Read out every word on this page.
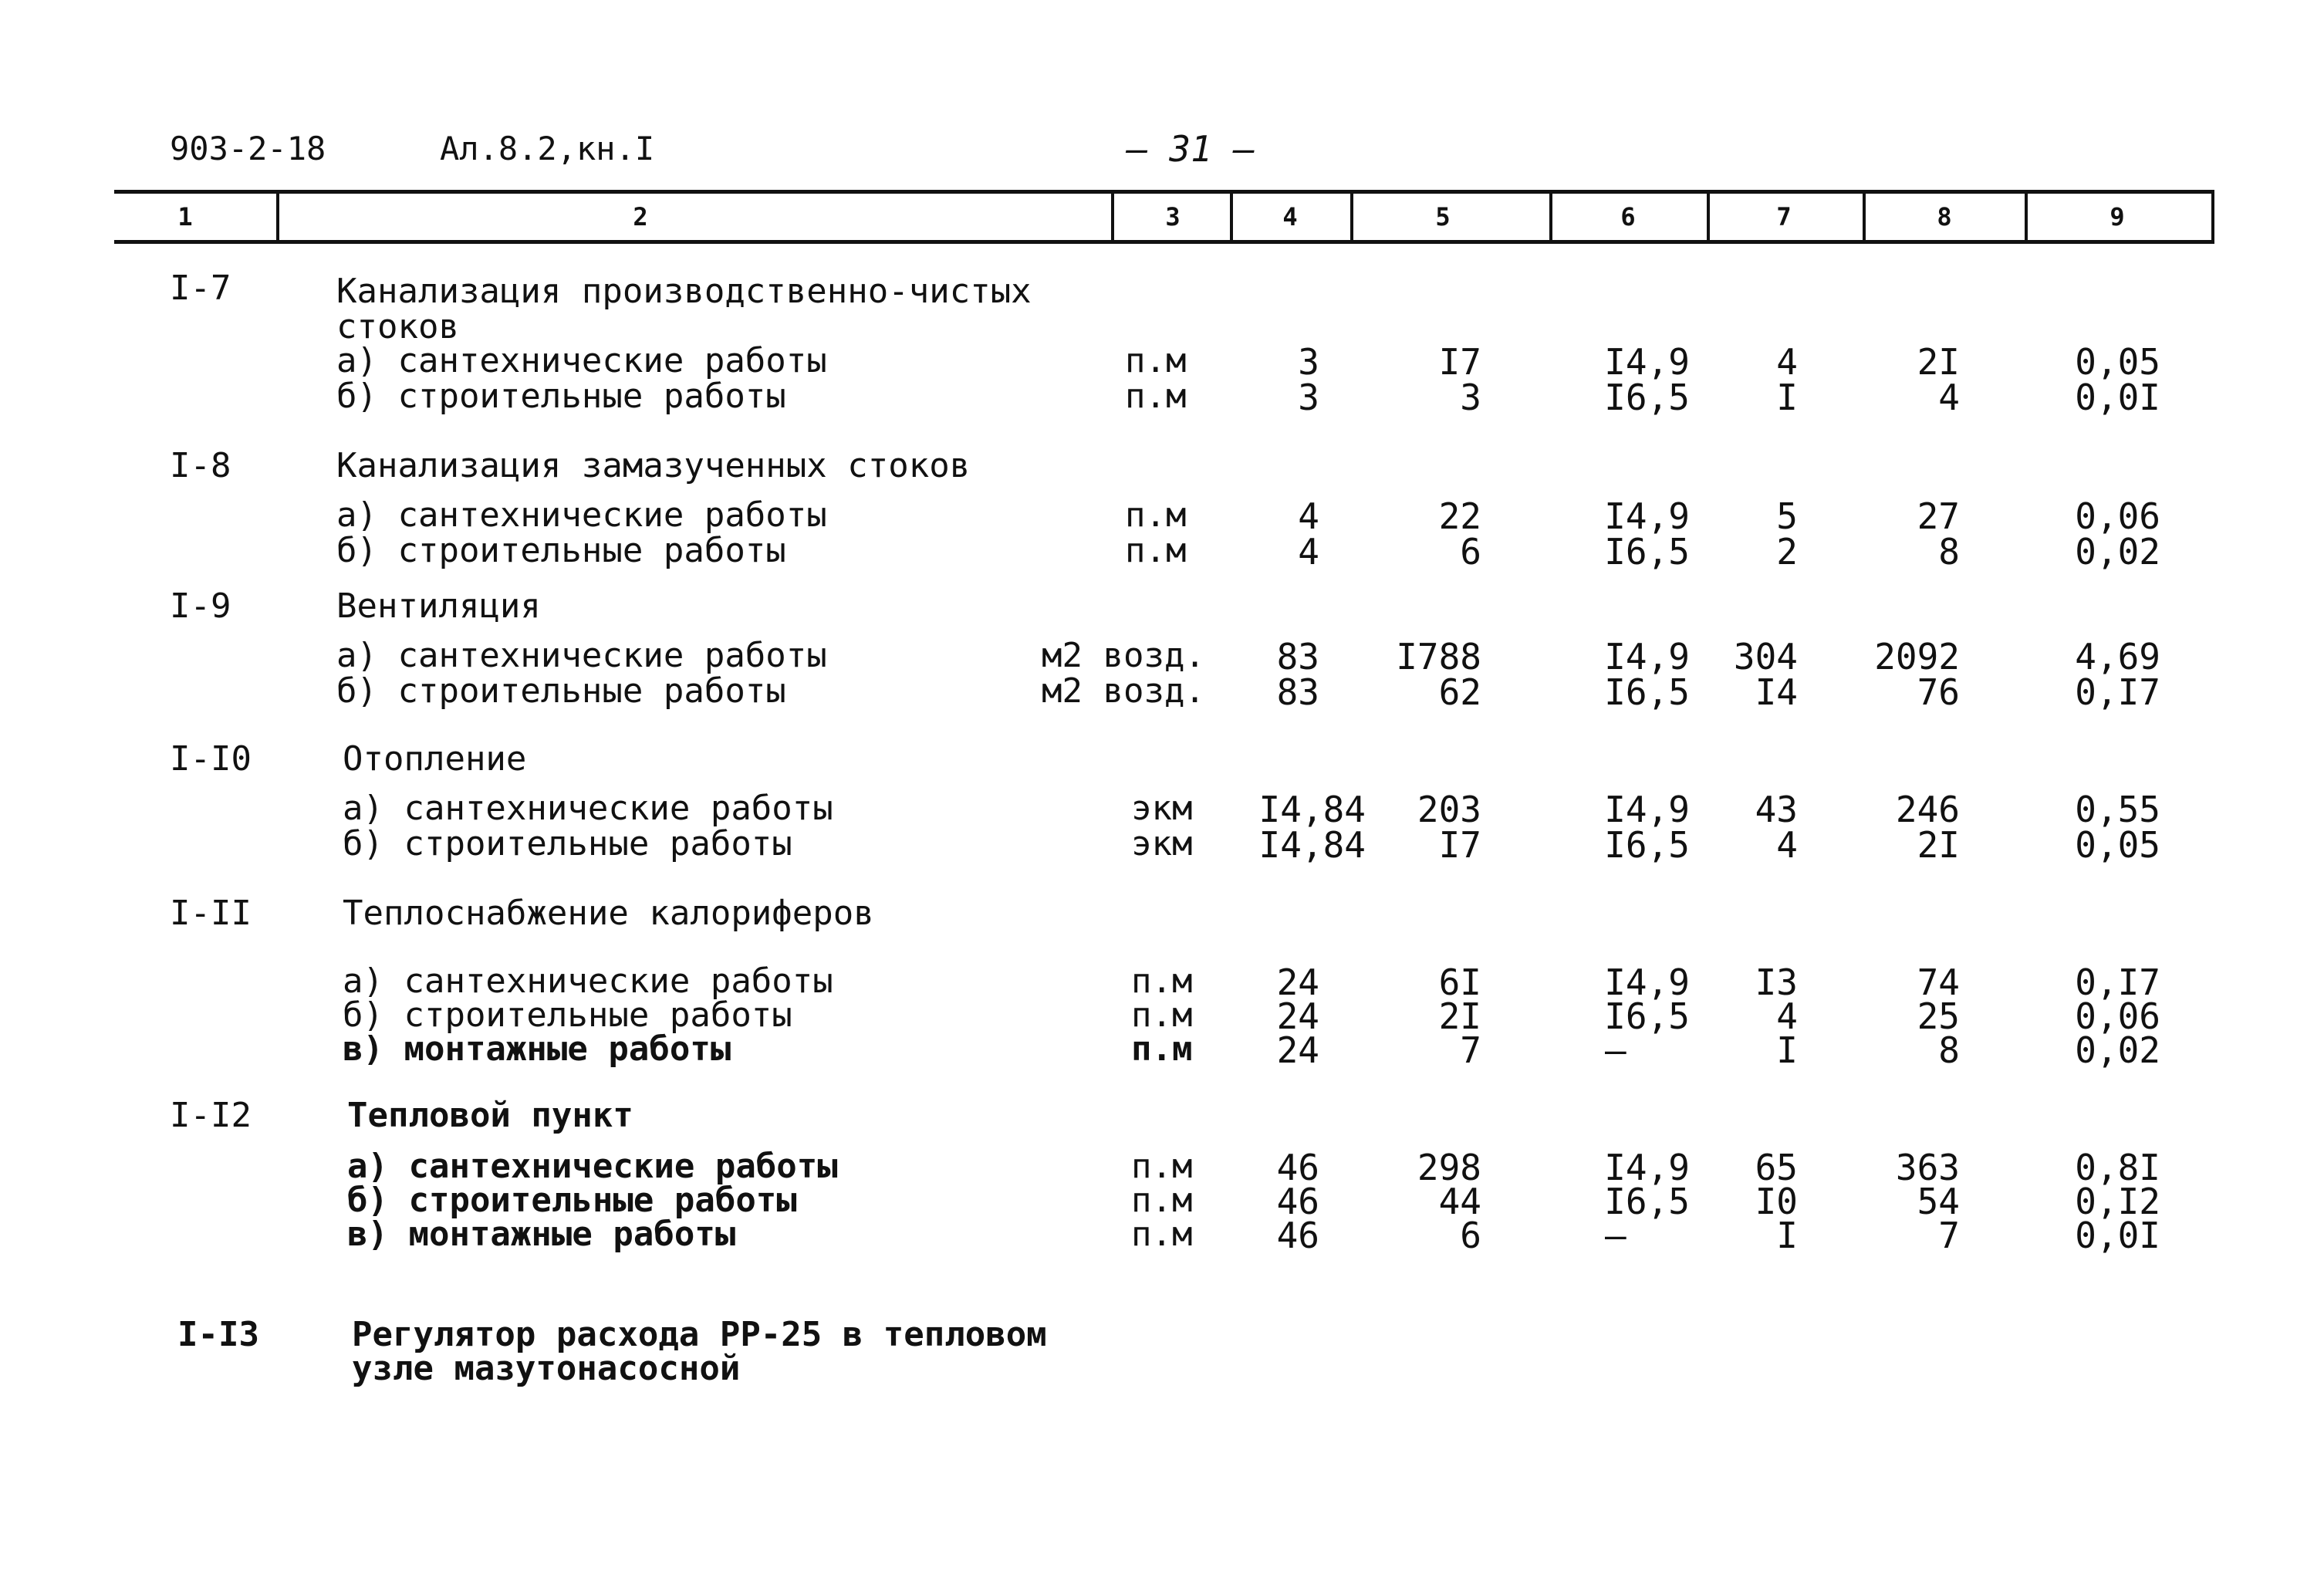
903-2-18	Ал.8.2,кн.I	— 31 —
1	2	3	4	5	6	7	8	9
I-7	Канализация производственно-чистых
стоков
а) сантехнические работы	п.м	3	I7	I4,9	4	2I	0,05
б) строительные работы	п.м	3	3	I6,5	I	4	0,0I
I-8	Канализация замазученных стоков
а) сантехнические работы	п.м	4	22	I4,9	5	27	0,06
б) строительные работы	п.м	4	6	I6,5	2	8	0,02
I-9	Вентиляция
а) сантехнические работы	м2 возд.	83	I788	I4,9	304	2092	4,69
б) строительные работы	м2 возд.	83	62	I6,5	I4	76	0,I7
I-I0	Отопление
а) сантехнические работы	экм	I4,84	203	I4,9	43	246	0,55
б) строительные работы	экм	I4,84	I7	I6,5	4	2I	0,05
I-II	Теплоснабжение калориферов
а) сантехнические работы	п.м	24	6I	I4,9	I3	74	0,I7
б) строительные работы	п.м	24	2I	I6,5	4	25	0,06
в) монтажные работы	п.м	24	7	–	I	8	0,02
I-I2	Тепловой пункт
а) сантехнические работы	п.м	46	298	I4,9	65	363	0,8I
б) строительные работы	п.м	46	44	I6,5	I0	54	0,I2
в) монтажные работы	п.м	46	6	–	I	7	0,0I
I-I3	Регулятор расхода РР-25 в тепловом
узле мазутонасосной
